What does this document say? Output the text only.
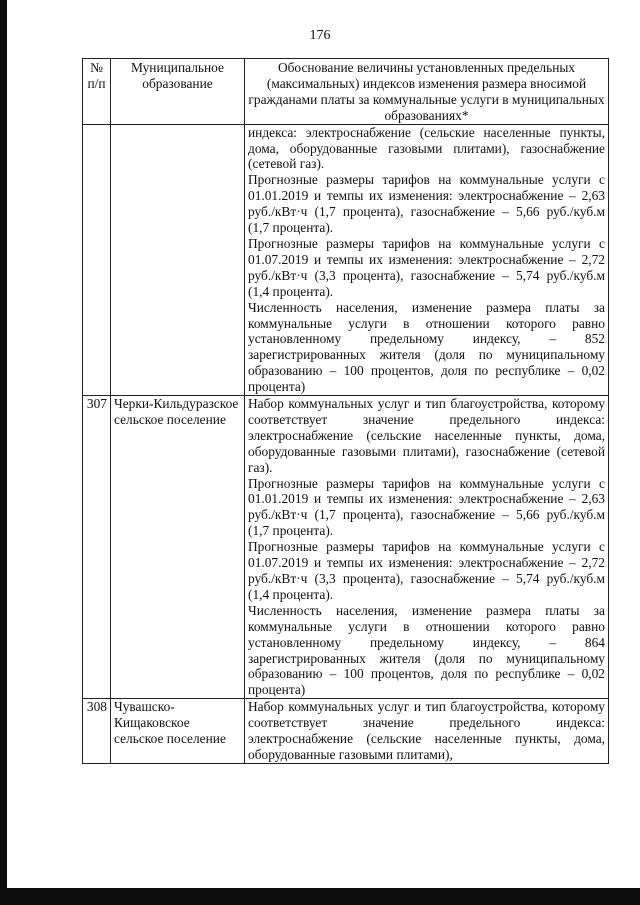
176
№ п/п	Муниципальное образование	Обоснование величины установленных предельных (максимальных) индексов изменения размера вносимой гражданами платы за коммунальные услуги в муниципальных образованиях*

		индекса: электроснабжение (сельские населенные пункты, дома, оборудованные газовыми плитами), газоснабжение (сетевой газ).

Прогнозные размеры тарифов на коммунальные услуги с 01.01.2019 и темпы их изменения: электроснабжение – 2,63 руб./кВт·ч (1,7 процента), газоснабжение – 5,66 руб./куб.м (1,7 процента).

Прогнозные размеры тарифов на коммунальные услуги с 01.07.2019 и темпы их изменения: электроснабжение – 2,72 руб./кВт·ч (3,3 процента), газоснабжение – 5,74 руб./куб.м (1,4 процента).

Численность населения, изменение размера платы за коммунальные услуги в отношении которого равно установленному предельному индексу, – 852 зарегистрированных жителя (доля по муниципальному образованию – 100 процентов, доля по республике – 0,02 процента)

307	Черки-Кильдуразское сельское поселение	Набор коммунальных услуг и тип благоустройства, которому соответствует значение предельного индекса: электроснабжение (сельские населенные пункты, дома, оборудованные газовыми плитами), газоснабжение (сетевой газ).

Прогнозные размеры тарифов на коммунальные услуги с 01.01.2019 и темпы их изменения: электроснабжение – 2,63 руб./кВт·ч (1,7 процента), газоснабжение – 5,66 руб./куб.м (1,7 процента).

Прогнозные размеры тарифов на коммунальные услуги с 01.07.2019 и темпы их изменения: электроснабжение – 2,72 руб./кВт·ч (3,3 процента), газоснабжение – 5,74 руб./куб.м (1,4 процента).

Численность населения, изменение размера платы за коммунальные услуги в отношении которого равно установленному предельному индексу, – 864 зарегистрированных жителя (доля по муниципальному образованию – 100 процентов, доля по республике – 0,02 процента)

308	Чувашско-Кищаковское сельское поселение	Набор коммунальных услуг и тип благоустройства, которому соответствует значение предельного индекса: электроснабжение (сельские населенные пункты, дома, оборудованные газовыми плитами),
